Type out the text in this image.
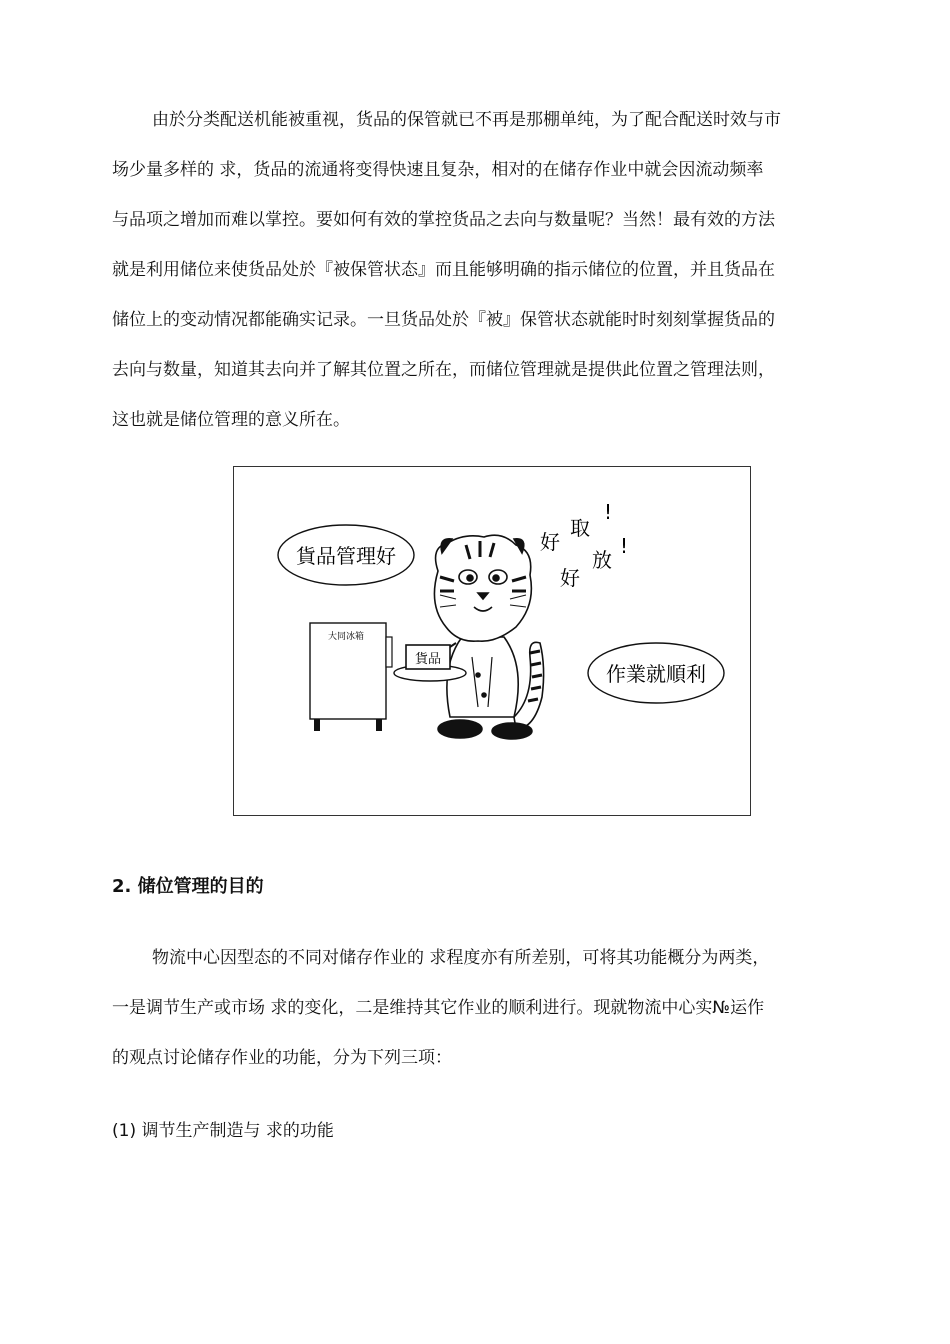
由於分类配送机能被重视，货品的保管就已不再是那棚单纯，为了配合配送时效与市
场少量多样的 求，货品的流通将变得快速且复杂，相对的在储存作业中就会因流动频率
与品项之增加而难以掌控。要如何有效的掌控货品之去向与数量呢？当然！最有效的方法
就是利用储位来使货品处於『被保管状态』而且能够明确的指示储位的位置，并且货品在
储位上的变动情况都能确实记录。一旦货品处於『被』保管状态就能时时刻刻掌握货品的
去向与数量，知道其去向并了解其位置之所在，而储位管理就是提供此位置之管理法则，
这也就是储位管理的意义所在。
貨品管理好
作業就順利
好
取
好
放
!
!
大同冰箱
貨品
2. 储位管理的目的
物流中心因型态的不同对储存作业的 求程度亦有所差别，可将其功能概分为两类，
一是调节生产或市场 求的变化，二是维持其它作业的顺利进行。现就物流中心实№运作
的观点讨论储存作业的功能，分为下列三项：
(1) 调节生产制造与 求的功能
